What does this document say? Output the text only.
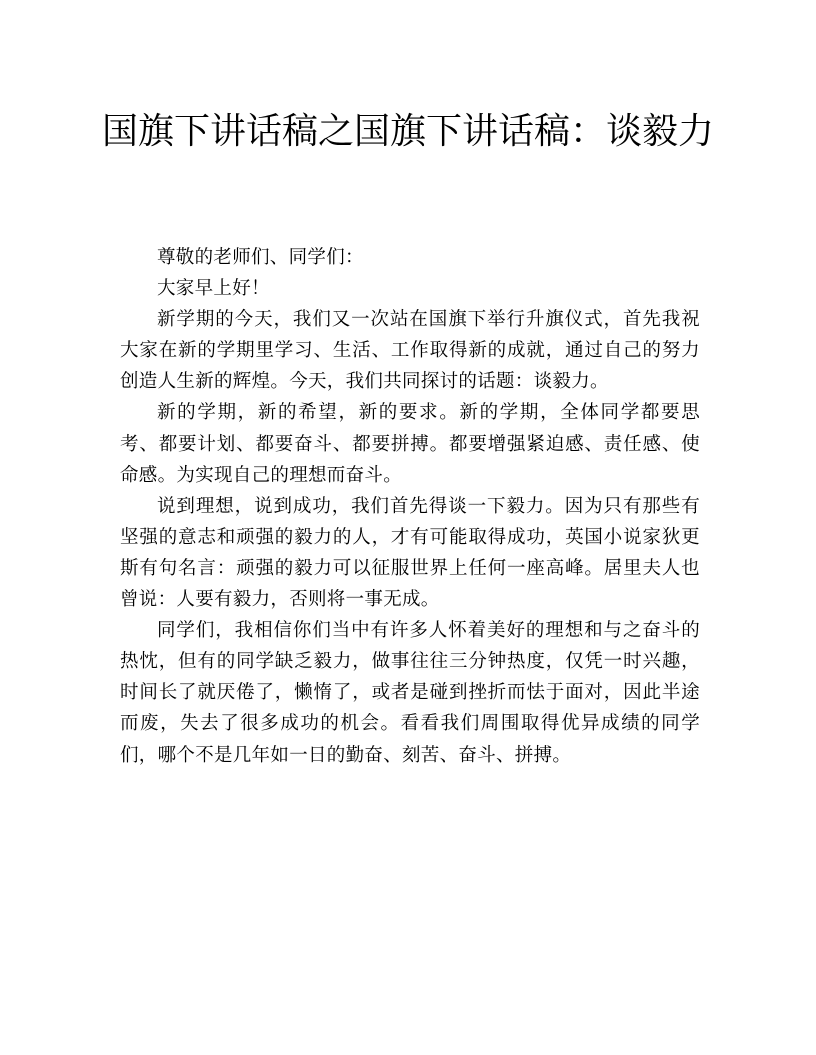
国旗下讲话稿之国旗下讲话稿：谈毅力

尊敬的老师们、同学们：

大家早上好！

新学期的今天，我们又一次站在国旗下举行升旗仪式，首先我祝大家在新的学期里学习、生活、工作取得新的成就，通过自己的努力创造人生新的辉煌。今天，我们共同探讨的话题：谈毅力。

新的学期，新的希望，新的要求。新的学期，全体同学都要思考、都要计划、都要奋斗、都要拼搏。都要增强紧迫感、责任感、使命感。为实现自己的理想而奋斗。

说到理想，说到成功，我们首先得谈一下毅力。因为只有那些有坚强的意志和顽强的毅力的人，才有可能取得成功，英国小说家狄更斯有句名言：顽强的毅力可以征服世界上任何一座高峰。居里夫人也曾说：人要有毅力，否则将一事无成。

同学们，我相信你们当中有许多人怀着美好的理想和与之奋斗的热忱，但有的同学缺乏毅力，做事往往三分钟热度，仅凭一时兴趣，时间长了就厌倦了，懒惰了，或者是碰到挫折而怯于面对，因此半途而废，失去了很多成功的机会。看看我们周围取得优异成绩的同学们，哪个不是几年如一日的勤奋、刻苦、奋斗、拼搏。
